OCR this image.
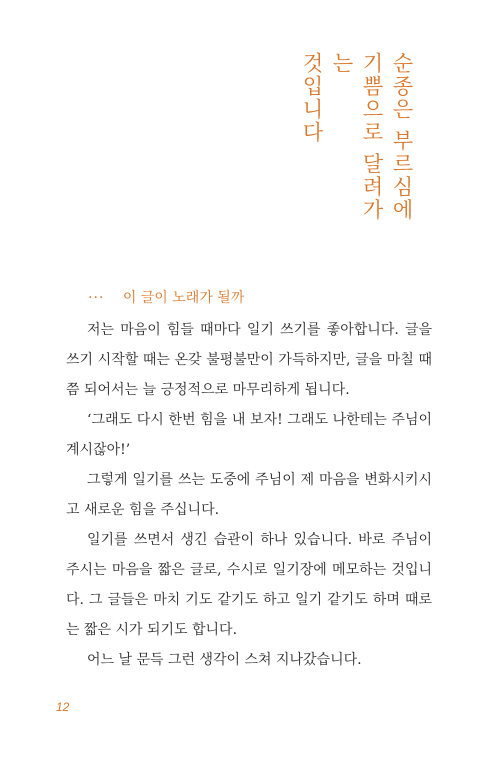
순종은 부르심에
기쁨으로 달려가는
것입니다
··· 이 글이 노래가 될까

저는 마음이 힘들 때마다 일기 쓰기를 좋아합니다. 글을 쓰기 시작할 때는 온갖 불평불만이 가득하지만, 글을 마칠 때쯤 되어서는 늘 긍정적으로 마무리하게 됩니다.

‘그래도 다시 한번 힘을 내 보자! 그래도 나한테는 주님이 계시잖아!’

그렇게 일기를 쓰는 도중에 주님이 제 마음을 변화시키시고 새로운 힘을 주십니다.

일기를 쓰면서 생긴 습관이 하나 있습니다. 바로 주님이 주시는 마음을 짧은 글로, 수시로 일기장에 메모하는 것입니다. 그 글들은 마치 기도 같기도 하고 일기 같기도 하며 때로는 짧은 시가 되기도 합니다.

어느 날 문득 그런 생각이 스쳐 지나갔습니다.

12
